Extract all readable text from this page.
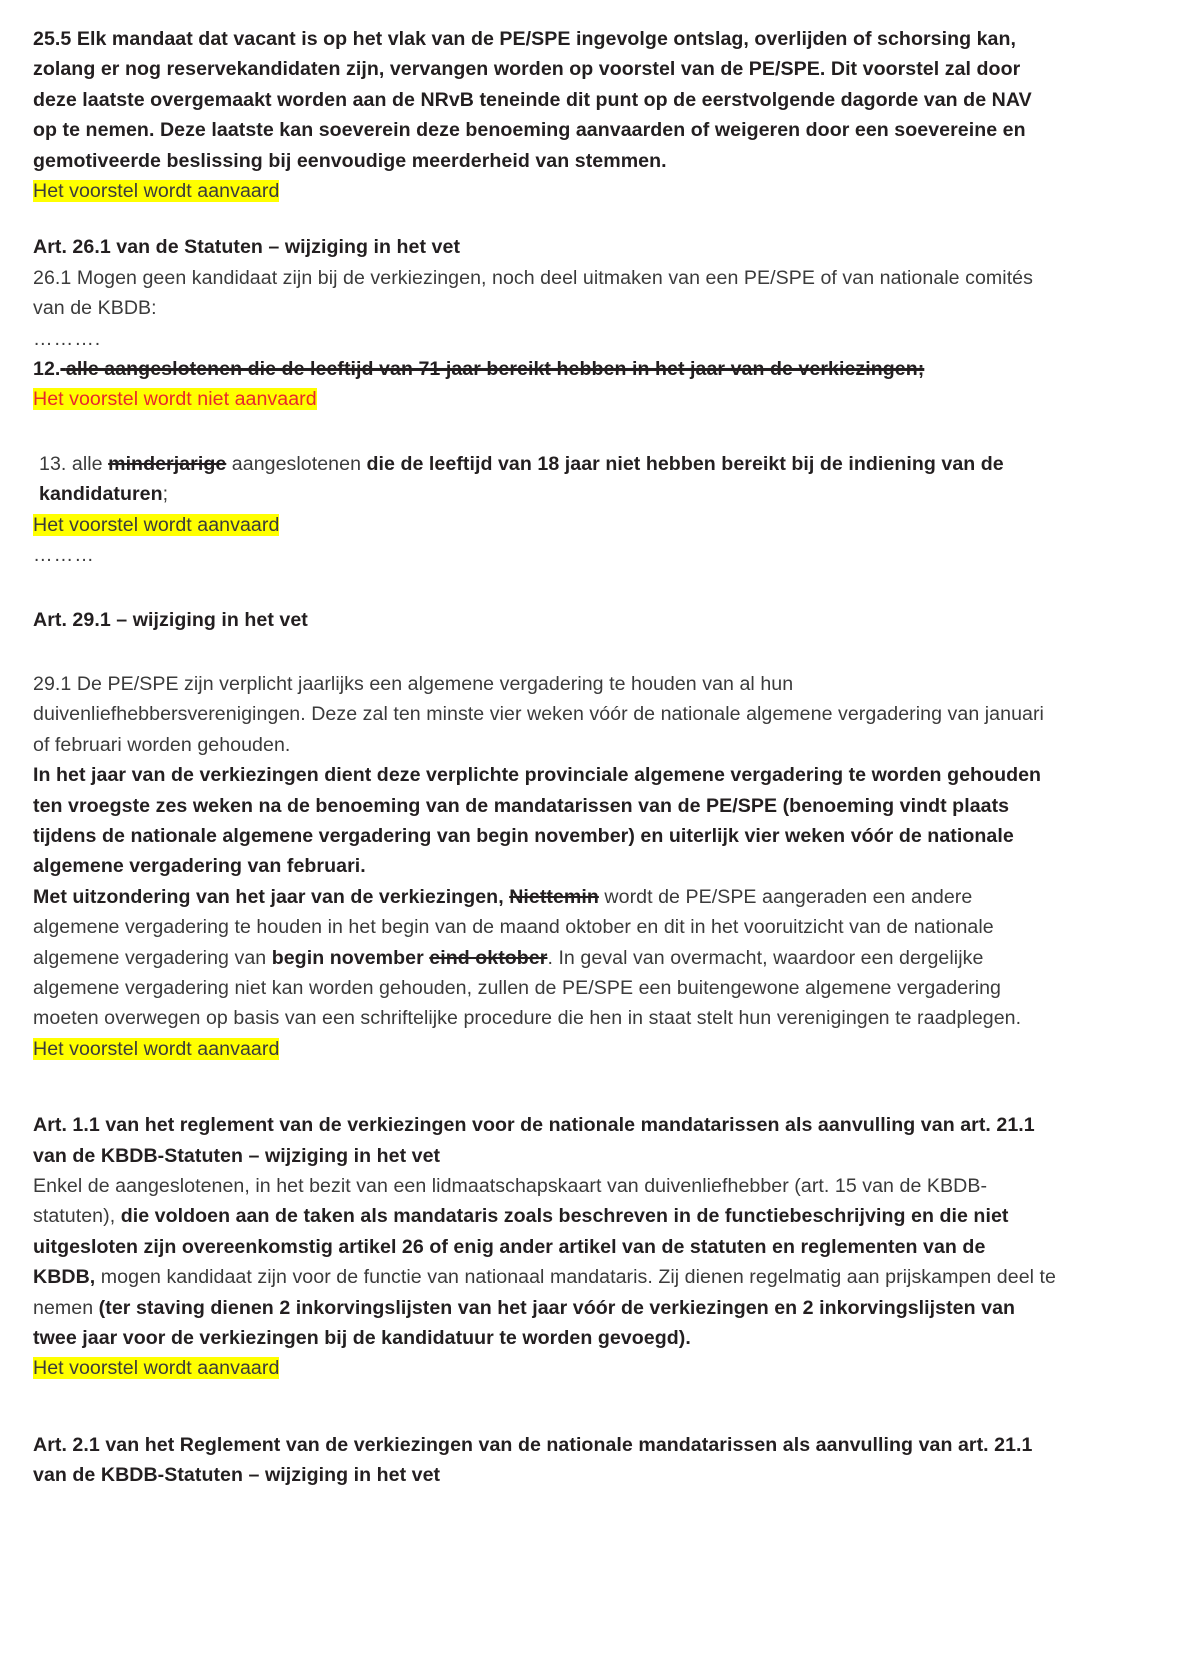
25.5 Elk mandaat dat vacant is op het vlak van de PE/SPE ingevolge ontslag, overlijden of schorsing kan, zolang er nog reservekandidaten zijn, vervangen worden op voorstel van de PE/SPE. Dit voorstel zal door deze laatste overgemaakt worden aan de NRvB teneinde dit punt op de eerstvolgende dagorde van de NAV op te nemen. Deze laatste kan soeverein deze benoeming aanvaarden of weigeren door een soevereine en gemotiveerde beslissing bij eenvoudige meerderheid van stemmen.

Het voorstel wordt aanvaard

Art. 26.1 van de Statuten – wijziging in het vet

26.1 Mogen geen kandidaat zijn bij de verkiezingen, noch deel uitmaken van een PE/SPE of van nationale comités van de KBDB:

……….

12. alle aangeslotenen die de leeftijd van 71 jaar bereikt hebben in het jaar van de verkiezingen;

Het voorstel wordt niet aanvaard

13. alle minderjarige aangeslotenen die de leeftijd van 18 jaar niet hebben bereikt bij de indiening van de kandidaturen;

Het voorstel wordt aanvaard

………

Art. 29.1 – wijziging in het vet

29.1 De PE/SPE zijn verplicht jaarlijks een algemene vergadering te houden van al hun duivenliefhebbersverenigingen. Deze zal ten minste vier weken vóór de nationale algemene vergadering van januari of februari worden gehouden.

In het jaar van de verkiezingen dient deze verplichte provinciale algemene vergadering te worden gehouden ten vroegste zes weken na de benoeming van de mandatarissen van de PE/SPE (benoeming vindt plaats tijdens de nationale algemene vergadering van begin november) en uiterlijk vier weken vóór de nationale algemene vergadering van februari.

Met uitzondering van het jaar van de verkiezingen, Niettemin wordt de PE/SPE aangeraden een andere algemene vergadering te houden in het begin van de maand oktober en dit in het vooruitzicht van de nationale algemene vergadering van begin november eind oktober. In geval van overmacht, waardoor een dergelijke algemene vergadering niet kan worden gehouden, zullen de PE/SPE een buitengewone algemene vergadering moeten overwegen op basis van een schriftelijke procedure die hen in staat stelt hun verenigingen te raadplegen.

Het voorstel wordt aanvaard

Art. 1.1 van het reglement van de verkiezingen voor de nationale mandatarissen als aanvulling van art. 21.1 van de KBDB-Statuten – wijziging in het vet

Enkel de aangeslotenen, in het bezit van een lidmaatschapskaart van duivenliefhebber (art. 15 van de KBDB-statuten), die voldoen aan de taken als mandataris zoals beschreven in de functiebeschrijving en die niet uitgesloten zijn overeenkomstig artikel 26 of enig ander artikel van de statuten en reglementen van de KBDB, mogen kandidaat zijn voor de functie van nationaal mandataris. Zij dienen regelmatig aan prijskampen deel te nemen (ter staving dienen 2 inkorvingslijsten van het jaar vóór de verkiezingen en 2 inkorvingslijsten van twee jaar voor de verkiezingen bij de kandidatuur te worden gevoegd).

Het voorstel wordt aanvaard

Art. 2.1 van het Reglement van de verkiezingen van de nationale mandatarissen als aanvulling van art. 21.1 van de KBDB-Statuten – wijziging in het vet
